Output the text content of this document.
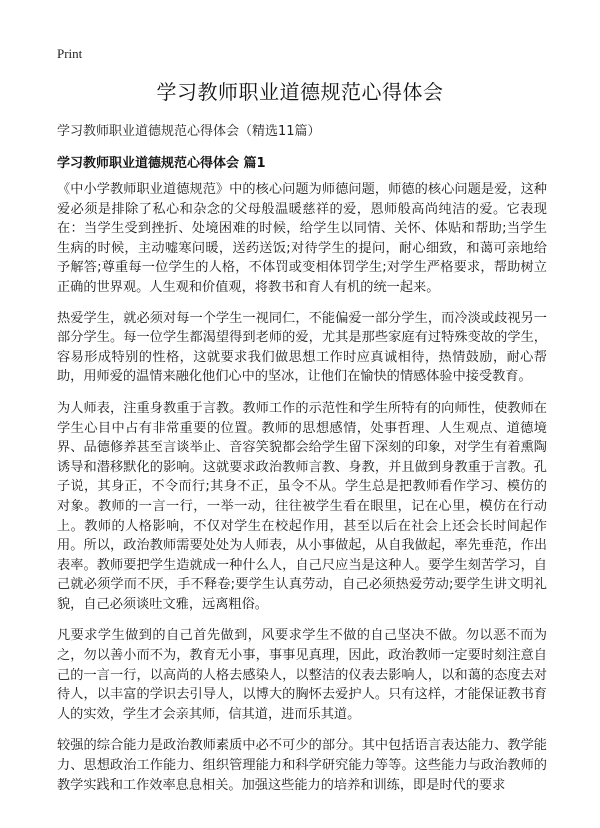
Print
学习教师职业道德规范心得体会

学习教师职业道德规范心得体会（精选11篇）

学习教师职业道德规范心得体会 篇1

《中小学教师职业道德规范》中的核心问题为师德问题，师德的核心问题是爱，这种爱必须是排除了私心和杂念的父母般温暖慈祥的爱，恩师般高尚纯洁的爱。它表现在：当学生受到挫折、处境困难的时候，给学生以同情、关怀、体贴和帮助;当学生生病的时候，主动嘘寒问暖，送药送饭;对待学生的提问，耐心细致，和蔼可亲地给予解答;尊重每一位学生的人格，不体罚或变相体罚学生;对学生严格要求，帮助树立正确的世界观。人生观和价值观，将教书和育人有机的统一起来。

热爱学生，就必须对每一个学生一视同仁，不能偏爱一部分学生，而冷淡或歧视另一部分学生。每一位学生都渴望得到老师的爱，尤其是那些家庭有过特殊变故的学生，容易形成特别的性格，这就要求我们做思想工作时应真诚相待，热情鼓励，耐心帮助，用师爱的温情来融化他们心中的坚冰，让他们在愉快的情感体验中接受教育。

为人师表，注重身教重于言教。教师工作的示范性和学生所特有的向师性，使教师在学生心目中占有非常重要的位置。教师的思想感情，处事哲理、人生观点、道德境界、品德修养甚至言谈举止、音容笑貌都会给学生留下深刻的印象，对学生有着熏陶诱导和潜移默化的影响。这就要求政治教师言教、身教，并且做到身教重于言教。孔子说，其身正，不令而行;其身不正，虽令不从。学生总是把教师看作学习、模仿的对象。教师的一言一行，一举一动，往往被学生看在眼里，记在心里，模仿在行动上。教师的人格影响，不仅对学生在校起作用，甚至以后在社会上还会长时间起作用。所以，政治教师需要处处为人师表，从小事做起，从自我做起，率先垂范，作出表率。教师要把学生造就成一种什么人，自己尺应当是这种人。要学生刻苦学习，自己就必须学而不厌，手不释卷;要学生认真劳动，自己必须热爱劳动;要学生讲文明礼貌，自己必须谈吐文雅，远离粗俗。

凡要求学生做到的自己首先做到，风要求学生不做的自己坚决不做。勿以恶不而为之，勿以善小而不为，教育无小事，事事见真理，因此，政治教师一定要时刻注意自己的一言一行，以高尚的人格去感染人，以整洁的仪表去影响人，以和蔼的态度去对待人，以丰富的学识去引导人，以博大的胸怀去爱护人。只有这样，才能保证教书育人的实效，学生才会亲其师，信其道，进而乐其道。

较强的综合能力是政治教师素质中必不可少的部分。其中包括语言表达能力、教学能力、思想政治工作能力、组织管理能力和科学研究能力等等。这些能力与政治教师的教学实践和工作效率息息相关。加强这些能力的培养和训练，即是时代的要求
